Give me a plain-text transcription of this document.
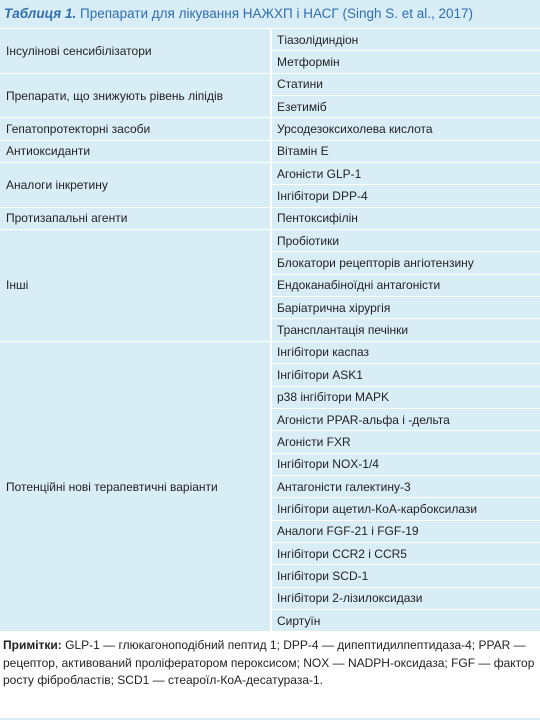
Таблиця 1. Препарати для лікування НАЖХП і НАСГ (Singh S. et al., 2017)
Інсулінові сенсибілізатори	Тіазолідиндіон
	Метформін
Препарати, що знижують рівень ліпідів	Статини
	Езетиміб
Гепатопротекторні засоби	Урсодезоксихолева кислота
Антиоксиданти	Вітамін Е
Аналоги інкретину	Агоністи GLP-1
	Інгібітори DPP-4
Протизапальні агенти	Пентоксифілін
Інші	Пробіотики
	Блокатори рецепторів ангіотензину
	Ендоканабіноїдні антагоністи
	Баріатрична хірургія
	Трансплантація печінки
Потенційні нові терапевтичні варіанти	Інгібітори каспаз
	Інгібітори ASK1
	p38 інгібітори MAPK
	Агоністи PPAR-альфа і -дельта
	Агоністи FXR
	Інгібітори NOX-1/4
	Антагоністи галектину-3
	Інгібітори ацетил-КоА-карбоксилази
	Аналоги FGF-21 і FGF-19
	Інгібітори CCR2 і CCR5
	Інгібітори SCD-1
	Інгібітори 2-лізилоксидази
	Сиртуїн
Примітки: GLP-1 — глюкагоноподібний пептид 1; DPP-4 — дипептидилпептидаза-4; PPAR — рецептор, активований проліфератором пероксисом; NOX — NADPH-оксидаза; FGF — фактор росту фібробластів; SCD1 — стеароїл-КоА-десатураза-1.
